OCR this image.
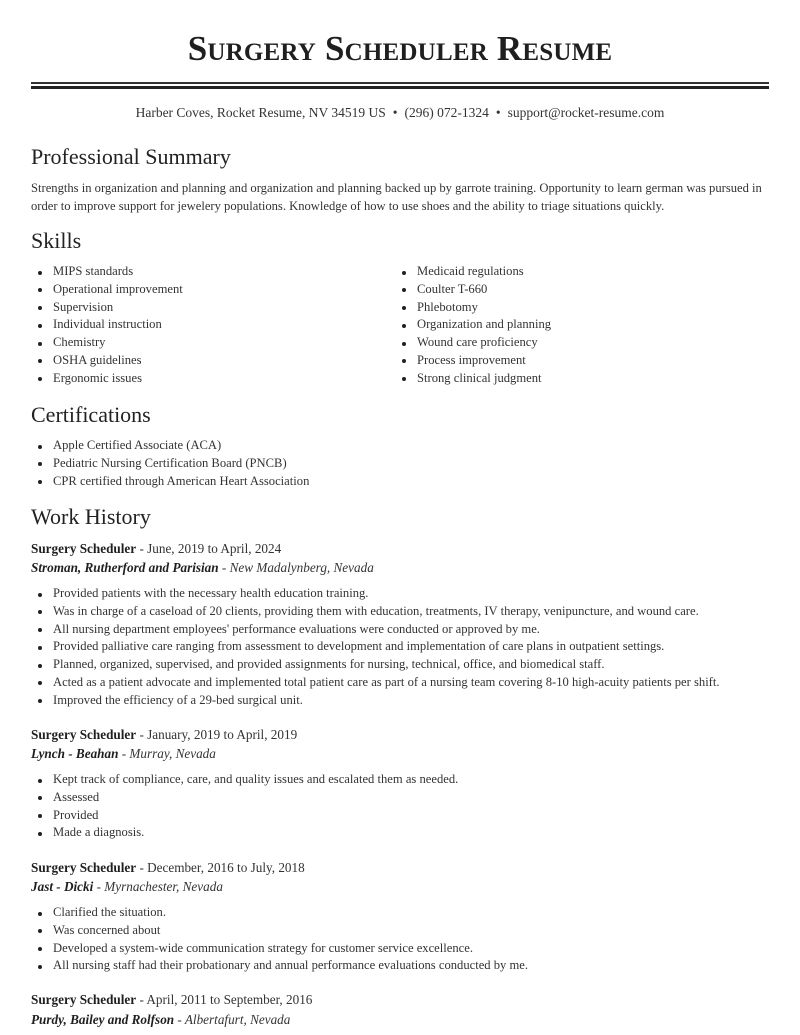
Surgery Scheduler Resume
Harber Coves, Rocket Resume, NV 34519 US • (296) 072-1324 • support@rocket-resume.com
Professional Summary

Strengths in organization and planning and organization and planning backed up by garrote training. Opportunity to learn german was pursued in order to improve support for jewelery populations. Knowledge of how to use shoes and the ability to triage situations quickly.

Skills
MIPS standards
Operational improvement
Supervision
Individual instruction
Chemistry
OSHA guidelines
Ergonomic issues
Medicaid regulations
Coulter T-660
Phlebotomy
Organization and planning
Wound care proficiency
Process improvement
Strong clinical judgment
Certifications
Apple Certified Associate (ACA)
Pediatric Nursing Certification Board (PNCB)
CPR certified through American Heart Association
Work History
Surgery Scheduler - June, 2019 to April, 2024
Stroman, Rutherford and Parisian - New Madalynberg, Nevada
Provided patients with the necessary health education training.
Was in charge of a caseload of 20 clients, providing them with education, treatments, IV therapy, venipuncture, and wound care.
All nursing department employees' performance evaluations were conducted or approved by me.
Provided palliative care ranging from assessment to development and implementation of care plans in outpatient settings.
Planned, organized, supervised, and provided assignments for nursing, technical, office, and biomedical staff.
Acted as a patient advocate and implemented total patient care as part of a nursing team covering 8-10 high-acuity patients per shift.
Improved the efficiency of a 29-bed surgical unit.
Surgery Scheduler - January, 2019 to April, 2019
Lynch - Beahan - Murray, Nevada
Kept track of compliance, care, and quality issues and escalated them as needed.
Assessed
Provided
Made a diagnosis.
Surgery Scheduler - December, 2016 to July, 2018
Jast - Dicki - Myrnachester, Nevada
Clarified the situation.
Was concerned about
Developed a system-wide communication strategy for customer service excellence.
All nursing staff had their probationary and annual performance evaluations conducted by me.
Surgery Scheduler - April, 2011 to September, 2016
Purdy, Bailey and Rolfson - Albertafurt, Nevada
